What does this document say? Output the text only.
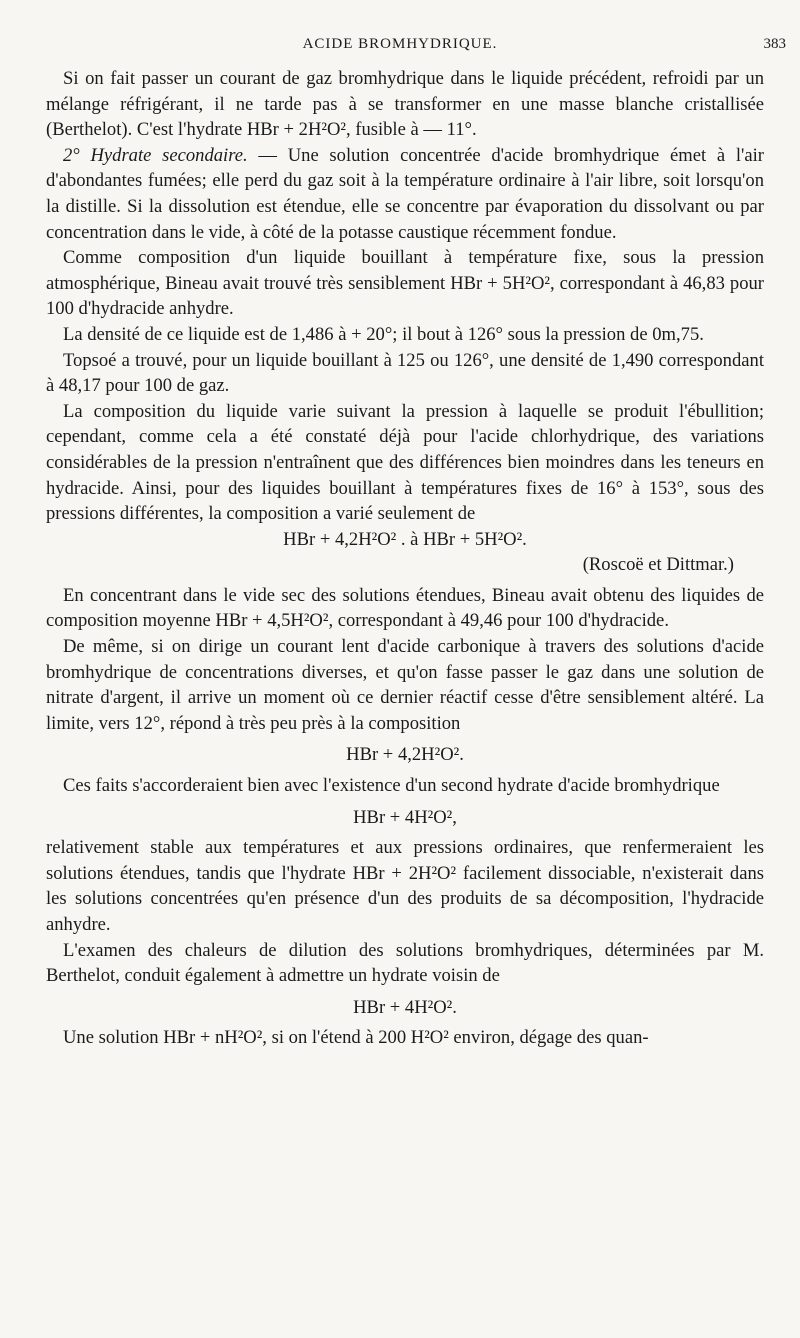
ACIDE BROMHYDRIQUE.	383

Si on fait passer un courant de gaz bromhydrique dans le liquide précédent, refroidi par un mélange réfrigérant, il ne tarde pas à se transformer en une masse blanche cristallisée (Berthelot). C'est l'hydrate HBr + 2H²O², fusible à — 11°.

2° Hydrate secondaire. — Une solution concentrée d'acide bromhydrique émet à l'air d'abondantes fumées; elle perd du gaz soit à la température ordinaire à l'air libre, soit lorsqu'on la distille. Si la dissolution est étendue, elle se concentre par évaporation du dissolvant ou par concentration dans le vide, à côté de la potasse caustique récemment fondue.

Comme composition d'un liquide bouillant à température fixe, sous la pression atmosphérique, Bineau avait trouvé très sensiblement HBr + 5H²O², correspondant à 46,83 pour 100 d'hydracide anhydre.

La densité de ce liquide est de 1,486 à + 20°; il bout à 126° sous la pression de 0m,75.

Topsoé a trouvé, pour un liquide bouillant à 125 ou 126°, une densité de 1,490 correspondant à 48,17 pour 100 de gaz.

La composition du liquide varie suivant la pression à laquelle se produit l'ébullition; cependant, comme cela a été constaté déjà pour l'acide chlorhydrique, des variations considérables de la pression n'entraînent que des différences bien moindres dans les teneurs en hydracide. Ainsi, pour des liquides bouillant à températures fixes de 16° à 153°, sous des pressions différentes, la composition a varié seulement de

HBr + 4,2H²O² . à HBr + 5H²O².
(Roscoë et Dittmar.)

En concentrant dans le vide sec des solutions étendues, Bineau avait obtenu des liquides de composition moyenne HBr + 4,5H²O², correspondant à 49,46 pour 100 d'hydracide.

De même, si on dirige un courant lent d'acide carbonique à travers des solutions d'acide bromhydrique de concentrations diverses, et qu'on fasse passer le gaz dans une solution de nitrate d'argent, il arrive un moment où ce dernier réactif cesse d'être sensiblement altéré. La limite, vers 12°, répond à très peu près à la composition

HBr + 4,2H²O².

Ces faits s'accorderaient bien avec l'existence d'un second hydrate d'acide bromhydrique

HBr + 4H²O²,

relativement stable aux températures et aux pressions ordinaires, que renfermeraient les solutions étendues, tandis que l'hydrate HBr + 2H²O² facilement dissociable, n'existerait dans les solutions concentrées qu'en présence d'un des produits de sa décomposition, l'hydracide anhydre.

L'examen des chaleurs de dilution des solutions bromhydriques, déterminées par M. Berthelot, conduit également à admettre un hydrate voisin de

HBr + 4H²O².

Une solution HBr + nH²O², si on l'étend à 200 H²O² environ, dégage des quan-
